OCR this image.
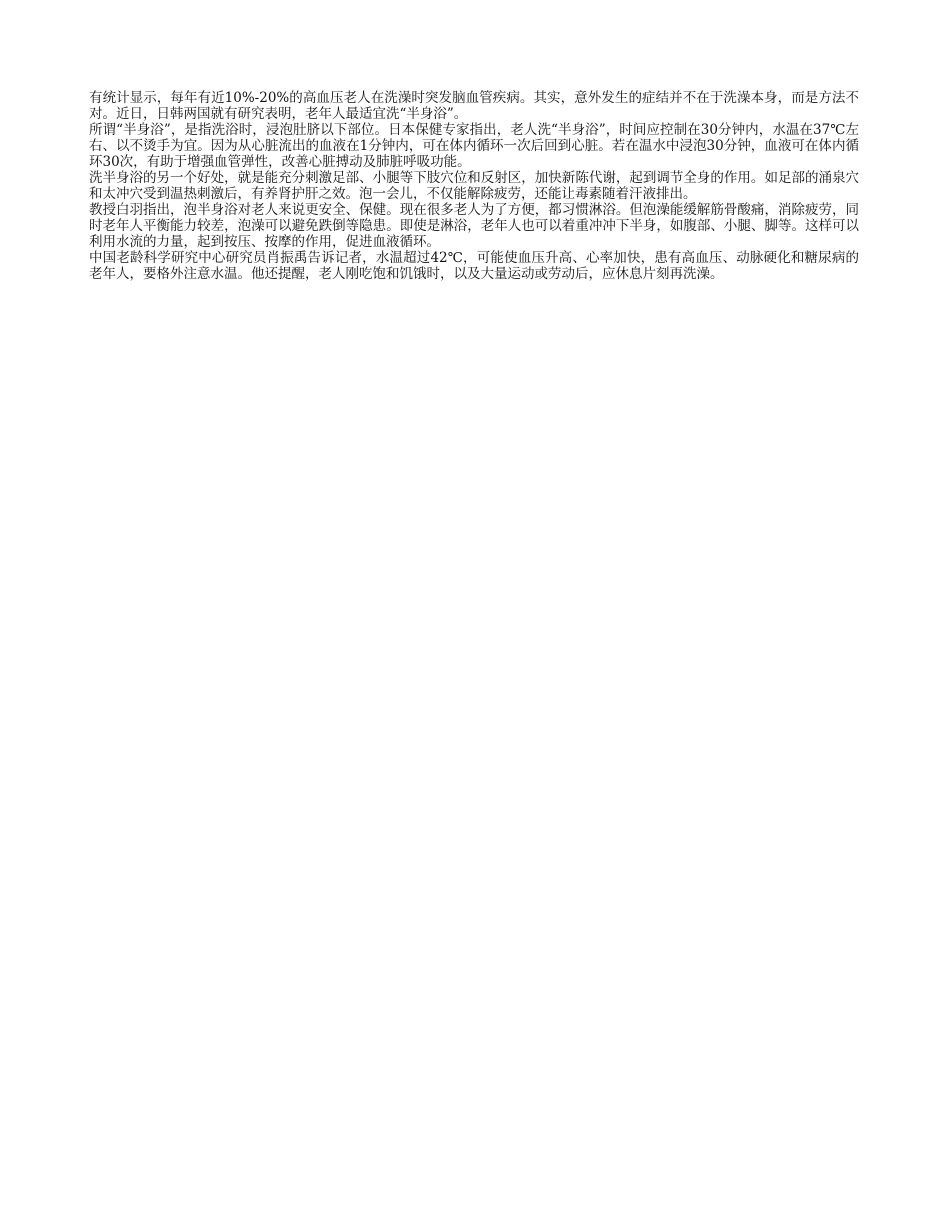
有统计显示，每年有近10%-20%的高血压老人在洗澡时突发脑血管疾病。其实，意外发生的症结并不在于洗澡本身，而是方法不对。近日，日韩两国就有研究表明，老年人最适宜洗“半身浴”。

所谓“半身浴”，是指洗浴时，浸泡肚脐以下部位。日本保健专家指出，老人洗“半身浴”，时间应控制在30分钟内，水温在37℃左右、以不烫手为宜。因为从心脏流出的血液在1分钟内，可在体内循环一次后回到心脏。若在温水中浸泡30分钟，血液可在体内循环30次，有助于增强血管弹性，改善心脏搏动及肺脏呼吸功能。

洗半身浴的另一个好处，就是能充分刺激足部、小腿等下肢穴位和反射区，加快新陈代谢，起到调节全身的作用。如足部的涌泉穴和太冲穴受到温热刺激后，有养肾护肝之效。泡一会儿，不仅能解除疲劳，还能让毒素随着汗液排出。

教授白羽指出，泡半身浴对老人来说更安全、保健。现在很多老人为了方便，都习惯淋浴。但泡澡能缓解筋骨酸痛，消除疲劳，同时老年人平衡能力较差，泡澡可以避免跌倒等隐患。即使是淋浴，老年人也可以着重冲冲下半身，如腹部、小腿、脚等。这样可以利用水流的力量，起到按压、按摩的作用，促进血液循环。

中国老龄科学研究中心研究员肖振禹告诉记者，水温超过42℃，可能使血压升高、心率加快，患有高血压、动脉硬化和糖尿病的老年人，要格外注意水温。他还提醒，老人刚吃饱和饥饿时，以及大量运动或劳动后，应休息片刻再洗澡。
